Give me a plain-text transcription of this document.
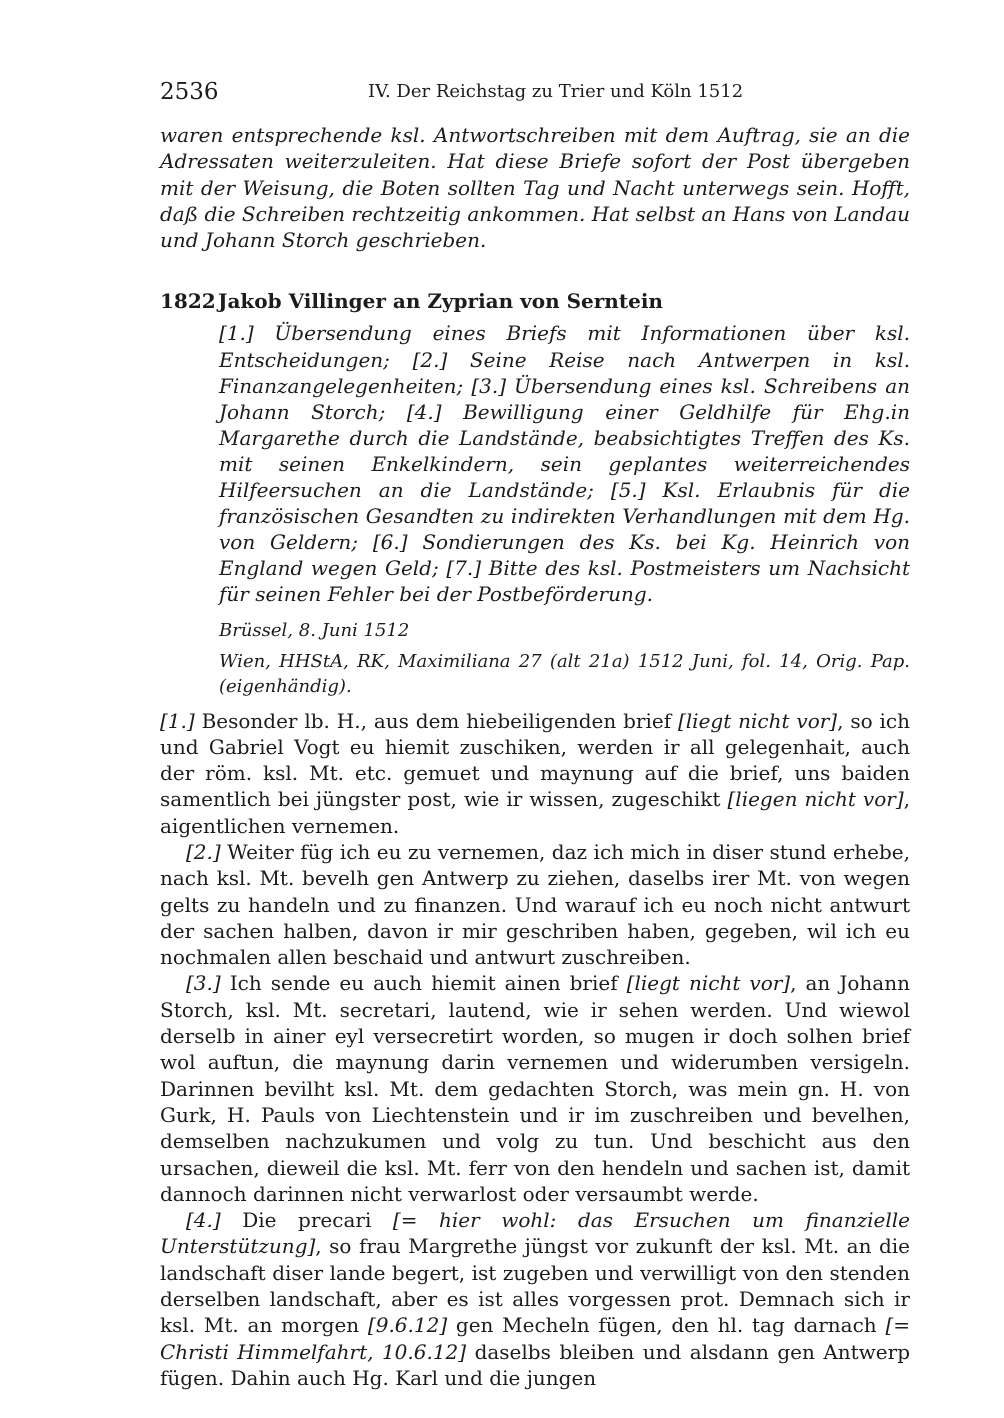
2536	IV. Der Reichstag zu Trier und Köln 1512
waren entsprechende ksl. Antwortschreiben mit dem Auftrag, sie an die Adressaten weiterzuleiten. Hat diese Briefe sofort der Post übergeben mit der Weisung, die Boten sollten Tag und Nacht unterwegs sein. Hofft, daß die Schreiben rechtzeitig ankommen. Hat selbst an Hans von Landau und Johann Storch geschrieben.
1822 Jakob Villinger an Zyprian von Serntein
[1.] Übersendung eines Briefs mit Informationen über ksl. Entscheidungen; [2.] Seine Reise nach Antwerpen in ksl. Finanzangelegenheiten; [3.] Übersendung eines ksl. Schreibens an Johann Storch; [4.] Bewilligung einer Geldhilfe für Ehg.in Margarethe durch die Landstände, beabsichtigtes Treffen des Ks. mit seinen Enkelkindern, sein geplantes weiterreichendes Hilfeersuchen an die Landstände; [5.] Ksl. Erlaubnis für die französischen Gesandten zu indirekten Verhandlungen mit dem Hg. von Geldern; [6.] Sondierungen des Ks. bei Kg. Heinrich von England wegen Geld; [7.] Bitte des ksl. Postmeisters um Nachsicht für seinen Fehler bei der Postbeförderung.
Brüssel, 8. Juni 1512
Wien, HHStA, RK, Maximiliana 27 (alt 21a) 1512 Juni, fol. 14, Orig. Pap. (eigenhändig).

[1.] Besonder lb. H., aus dem hiebeiligenden brief [liegt nicht vor], so ich und Gabriel Vogt eu hiemit zuschiken, werden ir all gelegenhait, auch der röm. ksl. Mt. etc. gemuet und maynung auf die brief, uns baiden samentlich bei jüngster post, wie ir wissen, zugeschikt [liegen nicht vor], aigentlichen vernemen.

[2.] Weiter füg ich eu zu vernemen, daz ich mich in diser stund erhebe, nach ksl. Mt. bevelh gen Antwerp zu ziehen, daselbs irer Mt. von wegen gelts zu handeln und zu finanzen. Und warauf ich eu noch nicht antwurt der sachen halben, davon ir mir geschriben haben, gegeben, wil ich eu nochmalen allen beschaid und antwurt zuschreiben.

[3.] Ich sende eu auch hiemit ainen brief [liegt nicht vor], an Johann Storch, ksl. Mt. secretari, lautend, wie ir sehen werden. Und wiewol derselb in ainer eyl versecretirt worden, so mugen ir doch solhen brief wol auftun, die maynung darin vernemen und widerumben versigeln. Darinnen bevilht ksl. Mt. dem gedachten Storch, was mein gn. H. von Gurk, H. Pauls von Liechtenstein und ir im zuschreiben und bevelhen, demselben nachzukumen und volg zu tun. Und beschicht aus den ursachen, dieweil die ksl. Mt. ferr von den hendeln und sachen ist, damit dannoch darinnen nicht verwarlost oder versaumbt werde.

[4.] Die precari [= hier wohl: das Ersuchen um finanzielle Unterstützung], so frau Margrethe jüngst vor zukunft der ksl. Mt. an die landschaft diser lande begert, ist zugeben und verwilligt von den stenden derselben landschaft, aber es ist alles vorgessen prot. Demnach sich ir ksl. Mt. an morgen [9.6.12] gen Mecheln fügen, den hl. tag darnach [= Christi Himmelfahrt, 10.6.12] daselbs bleiben und alsdann gen Antwerp fügen. Dahin auch Hg. Karl und die jungen
